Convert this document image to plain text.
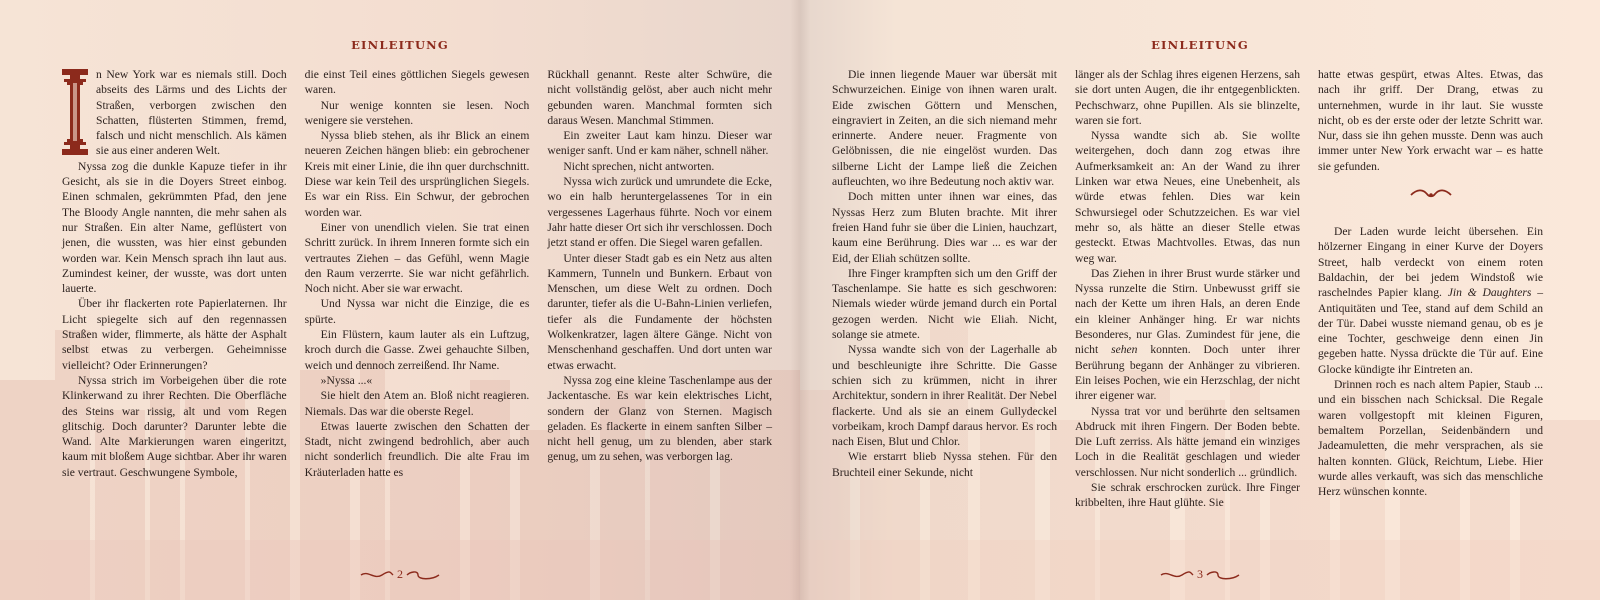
EINLEITUNG

n New York war es niemals still. Doch abseits des Lärms und des Lichts der Straßen, verborgen zwischen den Schatten, flüsterten Stimmen, fremd, falsch und nicht menschlich. Als kämen sie aus einer anderen Welt.

Nyssa zog die dunkle Kapuze tiefer in ihr Gesicht, als sie in die Doyers Street einbog. Einen schmalen, gekrümmten Pfad, den jene The Bloody Angle nannten, die mehr sahen als nur Straßen. Ein alter Name, geflüstert von jenen, die wussten, was hier einst gebunden worden war. Kein Mensch sprach ihn laut aus. Zumindest keiner, der wusste, was dort unten lauerte.

Über ihr flackerten rote Papierlaternen. Ihr Licht spiegelte sich auf den regennassen Straßen wider, flimmerte, als hätte der Asphalt selbst etwas zu verbergen. Geheimnisse vielleicht? Oder Erinnerungen?

Nyssa strich im Vorbeigehen über die rote Klinkerwand zu ihrer Rechten. Die Oberfläche des Steins war rissig, alt und vom Regen glitschig. Doch darunter? Darunter lebte die Wand. Alte Markierungen waren eingeritzt, kaum mit bloßem Auge sichtbar. Aber ihr waren sie vertraut. Geschwungene Symbole,

die einst Teil eines göttlichen Siegels gewesen waren.

Nur wenige konnten sie lesen. Noch wenigere sie verstehen.

Nyssa blieb stehen, als ihr Blick an einem neueren Zeichen hängen blieb: ein gebrochener Kreis mit einer Linie, die ihn quer durchschnitt. Diese war kein Teil des ursprünglichen Siegels. Es war ein Riss. Ein Schwur, der gebrochen worden war.

Einer von unendlich vielen. Sie trat einen Schritt zurück. In ihrem Inneren formte sich ein vertrautes Ziehen – das Gefühl, wenn Magie den Raum verzerrte. Sie war nicht gefährlich. Noch nicht. Aber sie war erwacht.

Und Nyssa war nicht die Einzige, die es spürte.

Ein Flüstern, kaum lauter als ein Luftzug, kroch durch die Gasse. Zwei gehauchte Silben, weich und dennoch zerreißend. Ihr Name.

»Nyssa ...«

Sie hielt den Atem an. Bloß nicht reagieren. Niemals. Das war die oberste Regel.

Etwas lauerte zwischen den Schatten der Stadt, nicht zwingend bedrohlich, aber auch nicht sonderlich freundlich. Die alte Frau im Kräuterladen hatte es

Rückhall genannt. Reste alter Schwüre, die nicht vollständig gelöst, aber auch nicht mehr gebunden waren. Manchmal formten sich daraus Wesen. Manchmal Stimmen.

Ein zweiter Laut kam hinzu. Dieser war weniger sanft. Und er kam näher, schnell näher.

Nicht sprechen, nicht antworten.

Nyssa wich zurück und umrundete die Ecke, wo ein halb heruntergelassenes Tor in ein vergessenes Lagerhaus führte. Noch vor einem Jahr hatte dieser Ort sich ihr verschlossen. Doch jetzt stand er offen. Die Siegel waren gefallen.

Unter dieser Stadt gab es ein Netz aus alten Kammern, Tunneln und Bunkern. Erbaut von Menschen, um diese Welt zu ordnen. Doch darunter, tiefer als die U-Bahn-Linien verliefen, tiefer als die Fundamente der höchsten Wolkenkratzer, lagen ältere Gänge. Nicht von Menschenhand geschaffen. Und dort unten war etwas erwacht.

Nyssa zog eine kleine Taschenlampe aus der Jackentasche. Es war kein elektrisches Licht, sondern der Glanz von Sternen. Magisch geladen. Es flackerte in einem sanften Silber – nicht hell genug, um zu blenden, aber stark genug, um zu sehen, was verborgen lag.

2
EINLEITUNG

Die innen liegende Mauer war übersät mit Schwurzeichen. Einige von ihnen waren uralt. Eide zwischen Göttern und Menschen, eingraviert in Zeiten, an die sich niemand mehr erinnerte. Andere neuer. Fragmente von Gelöbnissen, die nie eingelöst wurden. Das silberne Licht der Lampe ließ die Zeichen aufleuchten, wo ihre Bedeutung noch aktiv war.

Doch mitten unter ihnen war eines, das Nyssas Herz zum Bluten brachte. Mit ihrer freien Hand fuhr sie über die Linien, hauchzart, kaum eine Berührung. Dies war ... es war der Eid, der Eliah schützen sollte.

Ihre Finger krampften sich um den Griff der Taschenlampe. Sie hatte es sich geschworen: Niemals wieder würde jemand durch ein Portal gezogen werden. Nicht wie Eliah. Nicht, solange sie atmete.

Nyssa wandte sich von der Lagerhalle ab und beschleunigte ihre Schritte. Die Gasse schien sich zu krümmen, nicht in ihrer Architektur, sondern in ihrer Realität. Der Nebel flackerte. Und als sie an einem Gullydeckel vorbeikam, kroch Dampf daraus hervor. Es roch nach Eisen, Blut und Chlor.

Wie erstarrt blieb Nyssa stehen. Für den Bruchteil einer Sekunde, nicht

länger als der Schlag ihres eigenen Herzens, sah sie dort unten Augen, die ihr entgegenblickten. Pechschwarz, ohne Pupillen. Als sie blinzelte, waren sie fort.

Nyssa wandte sich ab. Sie wollte weitergehen, doch dann zog etwas ihre Aufmerksamkeit an: An der Wand zu ihrer Linken war etwa Neues, eine Unebenheit, als würde etwas fehlen. Dies war kein Schwursiegel oder Schutzzeichen. Es war viel mehr so, als hätte an dieser Stelle etwas gesteckt. Etwas Machtvolles. Etwas, das nun weg war.

Das Ziehen in ihrer Brust wurde stärker und Nyssa runzelte die Stirn. Unbewusst griff sie nach der Kette um ihren Hals, an deren Ende ein kleiner Anhänger hing. Er war nichts Besonderes, nur Glas. Zumindest für jene, die nicht sehen konnten. Doch unter ihrer Berührung begann der Anhänger zu vibrieren. Ein leises Pochen, wie ein Herzschlag, der nicht ihrer eigener war.

Nyssa trat vor und berührte den seltsamen Abdruck mit ihren Fingern. Der Boden bebte. Die Luft zerriss. Als hätte jemand ein winziges Loch in die Realität geschlagen und wieder verschlossen. Nur nicht sonderlich ... gründlich.

Sie schrak erschrocken zurück. Ihre Finger kribbelten, ihre Haut glühte. Sie

hatte etwas gespürt, etwas Altes. Etwas, das nach ihr griff. Der Drang, etwas zu unternehmen, wurde in ihr laut. Sie wusste nicht, ob es der erste oder der letzte Schritt war. Nur, dass sie ihn gehen musste. Denn was auch immer unter New York erwacht war – es hatte sie gefunden.

Der Laden wurde leicht übersehen. Ein hölzerner Eingang in einer Kurve der Doyers Street, halb verdeckt von einem roten Baldachin, der bei jedem Windstoß wie raschelndes Papier klang. Jin & Daughters – Antiquitäten und Tee, stand auf dem Schild an der Tür. Dabei wusste niemand genau, ob es je eine Tochter, geschweige denn einen Jin gegeben hatte. Nyssa drückte die Tür auf. Eine Glocke kündigte ihr Eintreten an.

Drinnen roch es nach altem Papier, Staub ... und ein bisschen nach Schicksal. Die Regale waren vollgestopft mit kleinen Figuren, bemaltem Porzellan, Seidenbändern und Jadeamuletten, die mehr versprachen, als sie halten konnten. Glück, Reichtum, Liebe. Hier wurde alles verkauft, was sich das menschliche Herz wünschen konnte.

3
